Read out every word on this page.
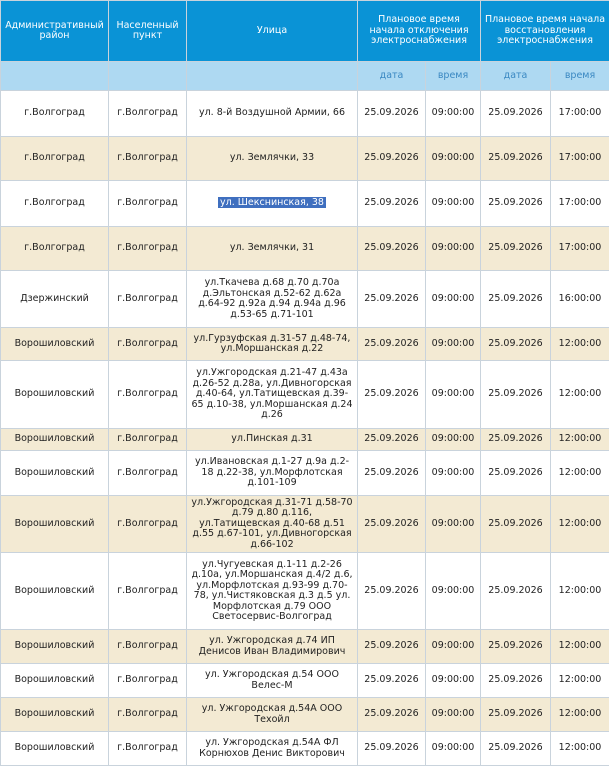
Административный район	Населенный пункт	Улица	Плановое время начала отключения электроснабжения		Плановое время начала восстановления электроснабжения	
			дата	время	дата	время
г.Волгоград	г.Волгоград	ул. 8-й Воздушной Армии, 66	25.09.2026	09:00:00	25.09.2026	17:00:00
г.Волгоград	г.Волгоград	ул. Землячки, 33	25.09.2026	09:00:00	25.09.2026	17:00:00
г.Волгоград	г.Волгоград	ул. Шекснинская, 38	25.09.2026	09:00:00	25.09.2026	17:00:00
г.Волгоград	г.Волгоград	ул. Землячки, 31	25.09.2026	09:00:00	25.09.2026	17:00:00
Дзержинский	г.Волгоград	ул.Ткачева д.68 д.70 д.70а д.Эльтонская д.52-62 д.62а д.64-92 д.92а д.94 д.94а д.96 д.53-65 д.71-101	25.09.2026	09:00:00	25.09.2026	16:00:00
Ворошиловский	г.Волгоград	ул.Гурзуфская д.31-57 д.48-74, ул.Моршанская д.22	25.09.2026	09:00:00	25.09.2026	12:00:00
Ворошиловский	г.Волгоград	ул.Ужгородская д.21-47 д.43а д.26-52 д.28а, ул.Дивногорская д.40-64, ул.Татищевская д.39-65 д.10-38, ул.Моршанская д.24 д.26	25.09.2026	09:00:00	25.09.2026	12:00:00
Ворошиловский	г.Волгоград	ул.Пинская д.31	25.09.2026	09:00:00	25.09.2026	12:00:00
Ворошиловский	г.Волгоград	ул.Ивановская д.1-27 д.9а д.2-18 д.22-38, ул.Морфлотская д.101-109	25.09.2026	09:00:00	25.09.2026	12:00:00
Ворошиловский	г.Волгоград	ул.Ужгородская д.31-71 д.58-70 д.79 д.80 д.116, ул.Татищевская д.40-68 д.51 д.55 д.67-101, ул.Дивногорская д.66-102	25.09.2026	09:00:00	25.09.2026	12:00:00
Ворошиловский	г.Волгоград	ул.Чугуевская д.1-11 д.2-26 д.10а, ул.Моршанская д.4/2 д.6, ул.Морфлотская д.93-99 д.70-78, ул.Чистяковская д.3 д.5 ул. Морфлотская д.79 ООО Светосервис-Волгоград	25.09.2026	09:00:00	25.09.2026	12:00:00
Ворошиловский	г.Волгоград	ул. Ужгородская д.74 ИП Денисов Иван Владимирович	25.09.2026	09:00:00	25.09.2026	12:00:00
Ворошиловский	г.Волгоград	ул. Ужгородская д.54 ООО Велес-М	25.09.2026	09:00:00	25.09.2026	12:00:00
Ворошиловский	г.Волгоград	ул. Ужгородская д.54А ООО Техойл	25.09.2026	09:00:00	25.09.2026	12:00:00
Ворошиловский	г.Волгоград	ул. Ужгородская д.54А ФЛ Корнюхов Денис Викторович	25.09.2026	09:00:00	25.09.2026	12:00:00
